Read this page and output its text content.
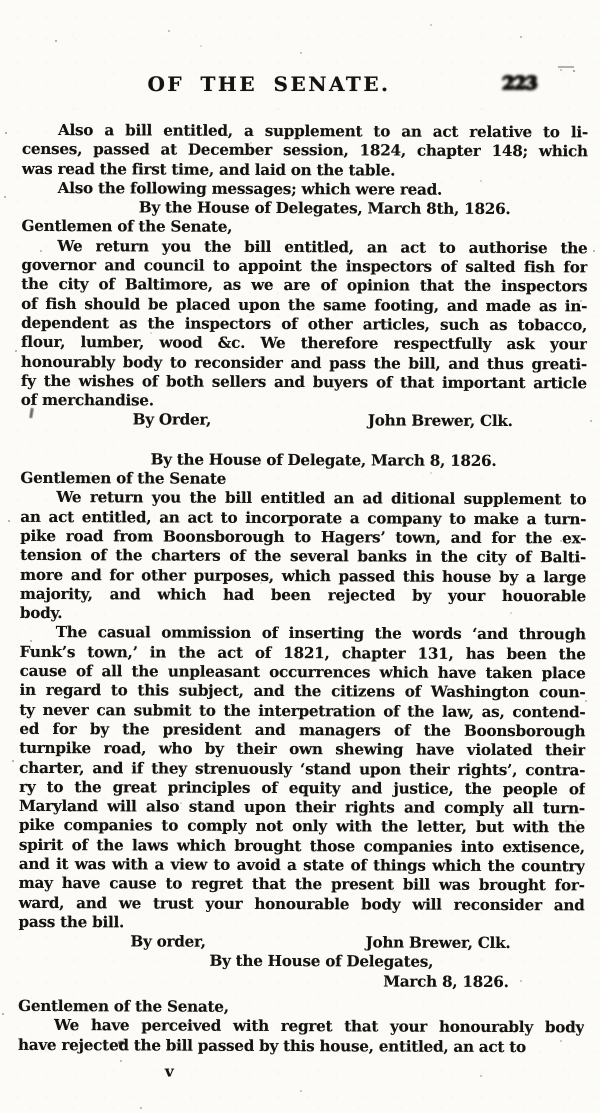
OF THE SENATE.	223
Also a bill entitled, a supplement to an act relative to li-
censes, passed at December session, 1824, chapter 148; which
was read the first time, and laid on the table.
Also the following messages; which were read.
By the House of Delegates, March 8th, 1826.
Gentlemen of the Senate,
We return you the bill entitled, an act to authorise the
governor and council to appoint the inspectors of salted fish for
the city of Baltimore, as we are of opinion that the inspectors
of fish should be placed upon the same footing, and made as in-
dependent as the inspectors of other articles, such as tobacco,
flour, lumber, wood &c. We therefore respectfully ask your
honourably body to reconsider and pass the bill, and thus greati-
fy the wishes of both sellers and buyers of that important article
of merchandise.
By Order,	John Brewer, Clk.
By the House of Delegate, March 8, 1826.
Gentlemen of the Senate
We return you the bill entitled an ad ditional supplement to
an act entitled, an act to incorporate a company to make a turn-
pike road from Boonsborough to Hagers’ town, and for the ex-
tension of the charters of the several banks in the city of Balti-
more and for other purposes, which passed this house by a large
majority, and which had been rejected by your houorable
body.
The casual ommission of inserting the words ‘and through
Funk’s town,’ in the act of 1821, chapter 131, has been the
cause of all the unpleasant occurrences which have taken place
in regard to this subject, and the citizens of Washington coun-
ty never can submit to the interpetration of the law, as, contend-
ed for by the president and managers of the Boonsborough
turnpike road, who by their own shewing have violated their
charter, and if they strenuously ‘stand upon their rights’, contra-
ry to the great principles of equity and justice, the people of
Maryland will also stand upon their rights and comply all turn-
pike companies to comply not only with the letter, but with the
spirit of the laws which brought those companies into extisence,
and it was with a view to avoid a state of things which the country
may have cause to regret that the present bill was brought for-
ward, and we trust your honourable body will reconsider and
pass the bill.
By order,	John Brewer, Clk.
By the House of Delegates,
March 8, 1826.
Gentlemen of the Senate,
We have perceived with regret that your honourably body
have rejected the bill passed by this house, entitled, an act to
v
